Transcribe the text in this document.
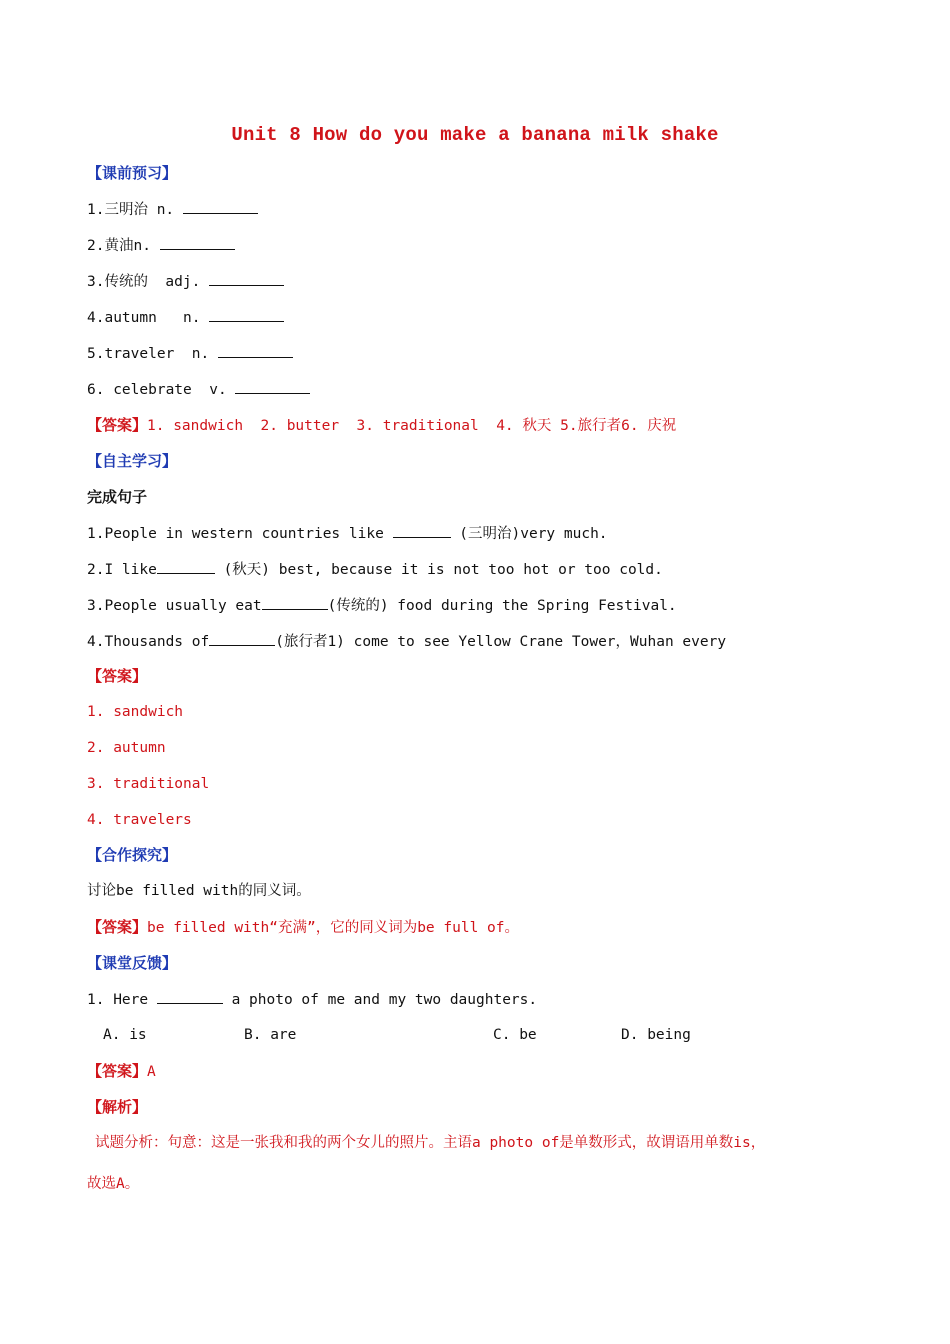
Unit 8 How do you make a banana milk shake
【课前预习】
1.三明治 n.
2.黄油n.
3.传统的  adj.
4.autumn   n.
5.traveler  n.
6. celebrate  v.
【答案】1. sandwich  2. butter  3. traditional  4. 秋天 5.旅行者6. 庆祝
【自主学习】
完成句子
1.People in western countries like	(三明治)very much.
2.I like	(秋天) best, because it is not too hot or too cold.
3.People usually eat	(传统的) food during the Spring Festival.
4.Thousands of	(旅行者1) come to see Yellow Crane Tower，Wuhan every
【答案】
1. sandwich
2. autumn
3. traditional
4. travelers
【合作探究】
讨论be filled with的同义词。
【答案】be filled with“充满”，它的同义词为be full of。
【课堂反馈】
1. Here	a photo of me and my two daughters.
A. is	B. are	C. be	D. being
【答案】A
【解析】
试题分析：句意：这是一张我和我的两个女儿的照片。主语a photo of是单数形式，故谓语用单数is，
故选A。
